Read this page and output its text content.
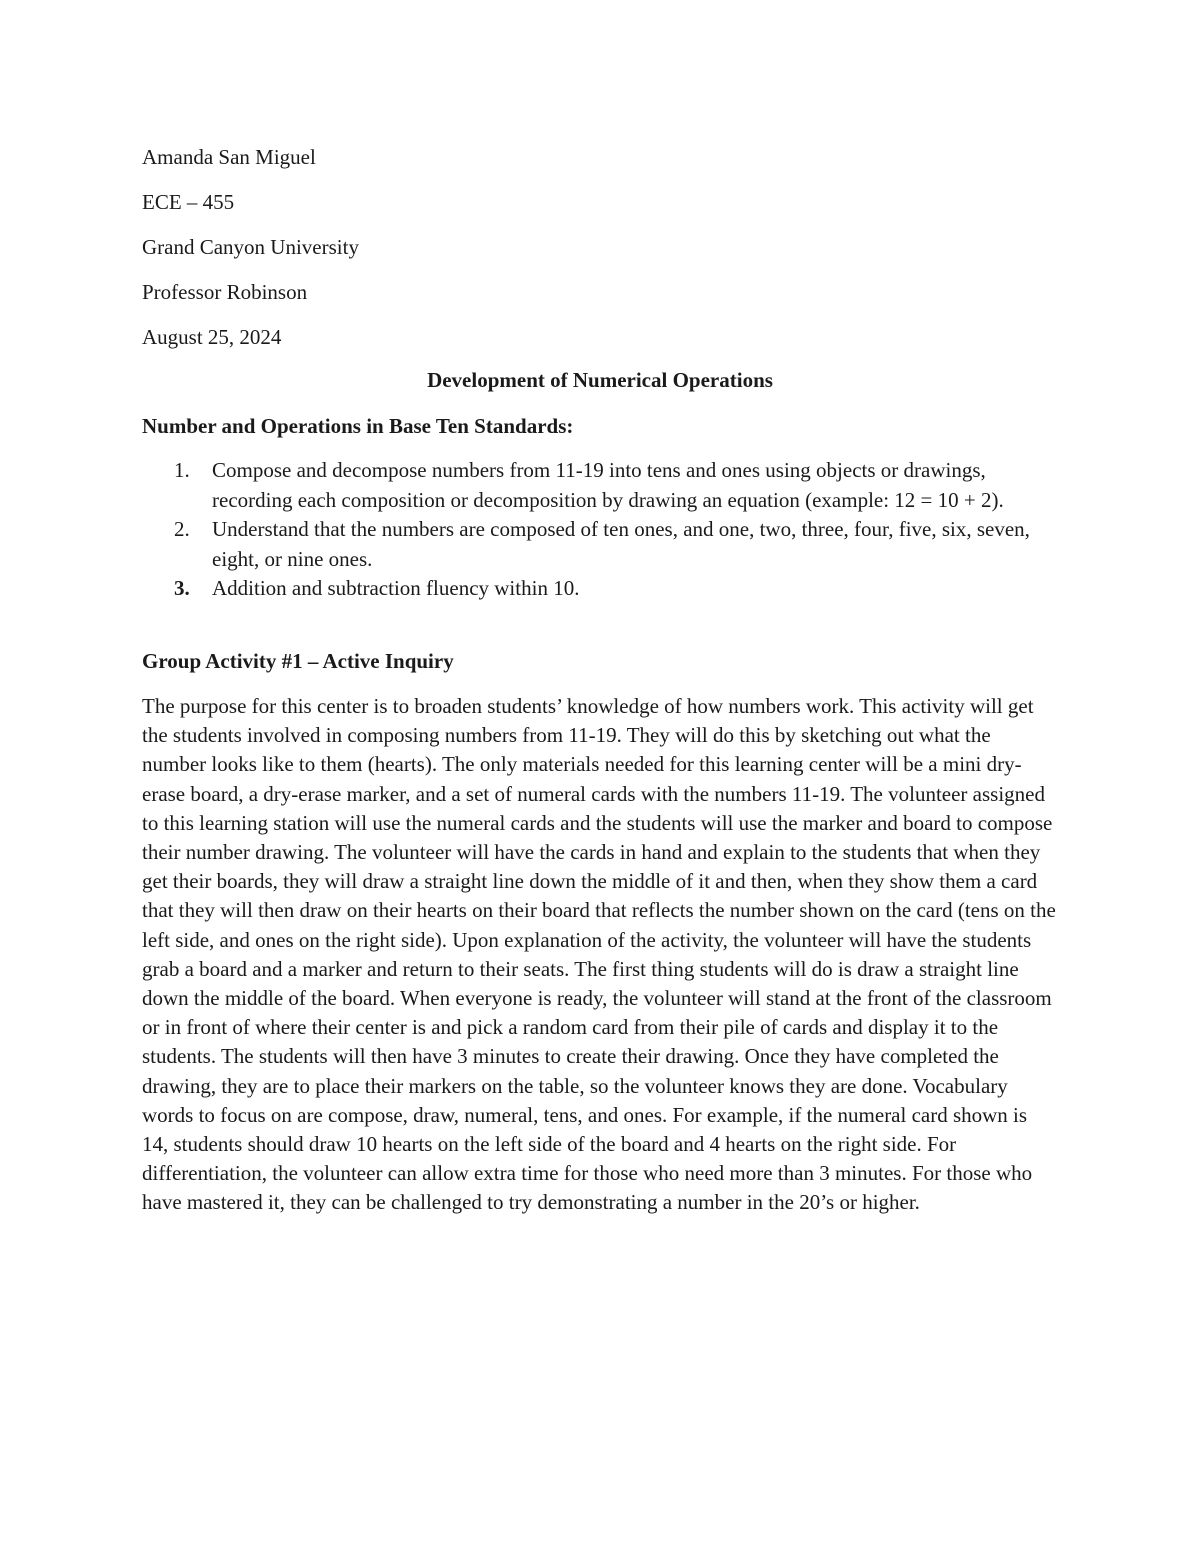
Amanda San Miguel
ECE – 455
Grand Canyon University
Professor Robinson
August 25, 2024
Development of Numerical Operations
Number and Operations in Base Ten Standards:
1. Compose and decompose numbers from 11-19 into tens and ones using objects or drawings, recording each composition or decomposition by drawing an equation (example: 12 = 10 + 2).
2. Understand that the numbers are composed of ten ones, and one, two, three, four, five, six, seven, eight, or nine ones.
3. Addition and subtraction fluency within 10.
Group Activity #1 – Active Inquiry

The purpose for this center is to broaden students’ knowledge of how numbers work. This activity will get the students involved in composing numbers from 11-19. They will do this by sketching out what the number looks like to them (hearts). The only materials needed for this learning center will be a mini dry-erase board, a dry-erase marker, and a set of numeral cards with the numbers 11-19. The volunteer assigned to this learning station will use the numeral cards and the students will use the marker and board to compose their number drawing. The volunteer will have the cards in hand and explain to the students that when they get their boards, they will draw a straight line down the middle of it and then, when they show them a card that they will then draw on their hearts on their board that reflects the number shown on the card (tens on the left side, and ones on the right side). Upon explanation of the activity, the volunteer will have the students grab a board and a marker and return to their seats. The first thing students will do is draw a straight line down the middle of the board. When everyone is ready, the volunteer will stand at the front of the classroom or in front of where their center is and pick a random card from their pile of cards and display it to the students. The students will then have 3 minutes to create their drawing. Once they have completed the drawing, they are to place their markers on the table, so the volunteer knows they are done. Vocabulary words to focus on are compose, draw, numeral, tens, and ones. For example, if the numeral card shown is 14, students should draw 10 hearts on the left side of the board and 4 hearts on the right side. For differentiation, the volunteer can allow extra time for those who need more than 3 minutes. For those who have mastered it, they can be challenged to try demonstrating a number in the 20’s or higher.
